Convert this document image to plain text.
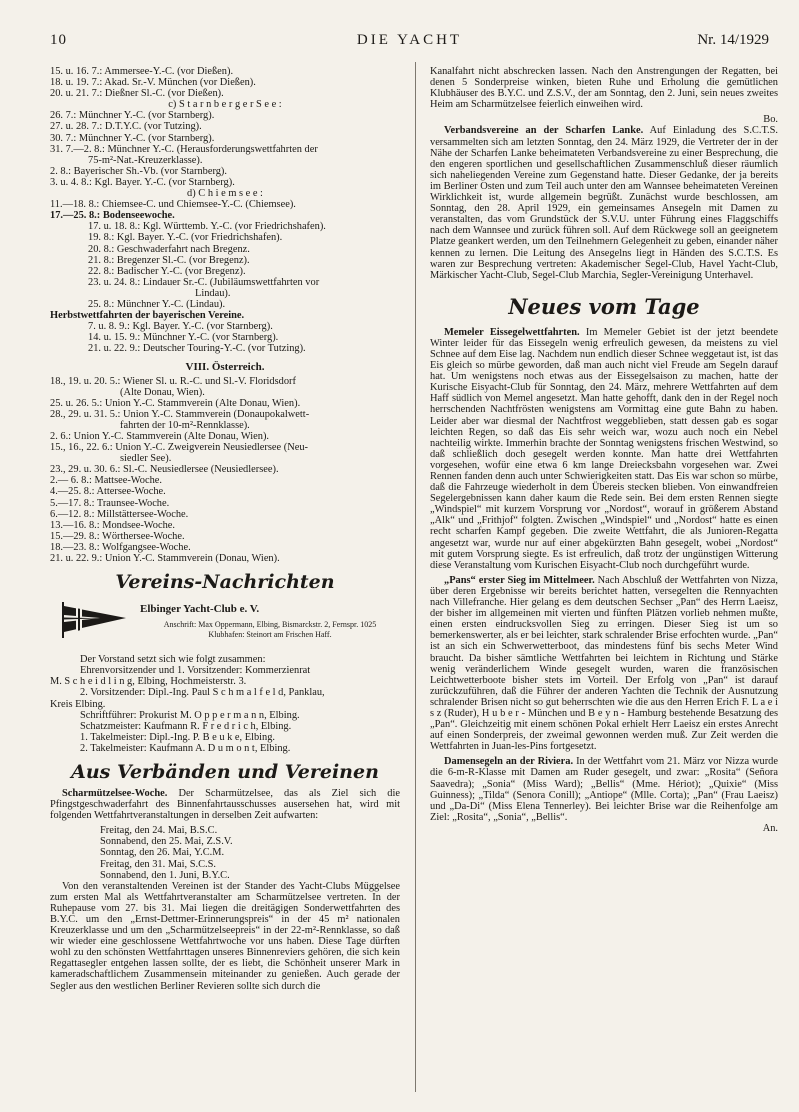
10	DIE YACHT	Nr. 14/1929
15. u. 16. 7.: Ammersee-Y.-C. (vor Dießen).
18. u. 19. 7.: Akad. Sr.-V. München (vor Dießen).
20. u. 21. 7.: Dießner Sl.-C. (vor Dießen).
c) S t a r n b e r g e r S e e :
26. 7.: Münchner Y.-C. (vor Starnberg).
27. u. 28. 7.: D.T.Y.C. (vor Tutzing).
30. 7.: Münchner Y.-C. (vor Starnberg).
31. 7.—2. 8.: Münchner Y.-C. (Herausforderungswettfahrten der
75-m²-Nat.-Kreuzerklasse).
2. 8.: Bayerischer Sh.-Vb. (vor Starnberg).
3. u. 4. 8.: Kgl. Bayer. Y.-C. (vor Starnberg).
d) C h i e m s e e :
11.—18. 8.: Chiemsee-C. und Chiemsee-Y.-C. (Chiemsee).
17.—25. 8.: Bodenseewoche.
17. u. 18. 8.: Kgl. Württemb. Y.-C. (vor Friedrichshafen).
19. 8.: Kgl. Bayer. Y.-C. (vor Friedrichshafen).
20. 8.: Geschwaderfahrt nach Bregenz.
21. 8.: Bregenzer Sl.-C. (vor Bregenz).
22. 8.: Badischer Y.-C. (vor Bregenz).
23. u. 24. 8.: Lindauer Sr.-C. (Jubiläumswettfahrten vor
Lindau).
25. 8.: Münchner Y.-C. (Lindau).
Herbstwettfahrten der bayerischen Vereine.
7. u. 8. 9.: Kgl. Bayer. Y.-C. (vor Starnberg).
14. u. 15. 9.: Münchner Y.-C. (vor Starnberg).
21. u. 22. 9.: Deutscher Touring-Y.-C. (vor Tutzing).
VIII. Österreich.
18., 19. u. 20. 5.: Wiener Sl. u. R.-C. und Sl.-V. Floridsdorf
(Alte Donau, Wien).
25. u. 26. 5.: Union Y.-C. Stammverein (Alte Donau, Wien).
28., 29. u. 31. 5.: Union Y.-C. Stammverein (Donaupokalwett-
fahrten der 10-m²-Rennklasse).
2. 6.: Union Y.-C. Stammverein (Alte Donau, Wien).
15., 16., 22. 6.: Union Y.-C. Zweigverein Neusiedlersee (Neu-
siedler See).
23., 29. u. 30. 6.: Sl.-C. Neusiedlersee (Neusiedlersee).
2.— 6. 8.: Mattsee-Woche.
4.—25. 8.: Attersee-Woche.
5.—17. 8.: Traunsee-Woche.
6.—12. 8.: Millstättersee-Woche.
13.—16. 8.: Mondsee-Woche.
15.—29. 8.: Wörthersee-Woche.
18.—23. 8.: Wolfgangsee-Woche.
21. u. 22. 9.: Union Y.-C. Stammverein (Donau, Wien).
Vereins-Nachrichten
Elbinger Yacht-Club e. V.
Anschrift: Max Oppermann, Elbing, Bismarckstr. 2, Fernspr. 1025
Klubhafen: Steinort am Frischen Haff.
Der Vorstand setzt sich wie folgt zusammen:
Ehrenvorsitzender und 1. Vorsitzender: Kommerzienrat
M. S c h e i d l i n g, Elbing, Hochmeisterstr. 3.
2. Vorsitzender: Dipl.-Ing. Paul S c h m a l f e l d, Panklau,
Kreis Elbing.
Schriftführer: Prokurist M. O p p e r m a n n, Elbing.
Schatzmeister: Kaufmann R. F r e d r i c h, Elbing.
1. Takelmeister: Dipl.-Ing. P. B e u k e, Elbing.
2. Takelmeister: Kaufmann A. D u m o n t, Elbing.
Aus Verbänden und Vereinen

Scharmützelsee-Woche. Der Scharmützelsee, das als Ziel sich die Pfingstgeschwaderfahrt des Binnenfahrtausschusses ausersehen hat, wird mit folgenden Wettfahrtveranstaltungen in derselben Zeit aufwarten:

Freitag, den 24. Mai, B.S.C.
Sonnabend, den 25. Mai, Z.S.V.
Sonntag, den 26. Mai, Y.C.M.
Freitag, den 31. Mai, S.C.S.
Sonnabend, den 1. Juni, B.Y.C.

Von den veranstaltenden Vereinen ist der Stander des Yacht-Clubs Müggelsee zum ersten Mal als Wettfahrtveranstalter am Scharmützelsee vertreten. In der Ruhepause vom 27. bis 31. Mai liegen die dreitägigen Sonderwettfahrten des B.Y.C. um den „Ernst-Dettmer-Erinnerungspreis“ in der 45 m² nationalen Kreuzerklasse und um den „Scharmützelseepreis“ in der 22-m²-Rennklasse, so daß wir wieder eine geschlossene Wettfahrtwoche vor uns haben. Diese Tage dürften wohl zu den schönsten Wettfahrttagen unseres Binnenreviers gehören, die sich kein Regattasegler entgehen lassen sollte, der es liebt, die Schönheit unserer Mark in kameradschaftlichem Zusammensein miteinander zu genießen. Auch gerade der Segler aus den westlichen Berliner Revieren sollte sich durch die

Kanalfahrt nicht abschrecken lassen. Nach den Anstrengungen der Regatten, bei denen 5 Sonderpreise winken, bieten Ruhe und Erholung die gemütlichen Klubhäuser des B.Y.C. und Z.S.V., der am Sonntag, den 2. Juni, sein neues zweites Heim am Scharmützelsee feierlich einweihen wird.

Bo.

Verbandsvereine an der Scharfen Lanke. Auf Einladung des S.C.T.S. versammelten sich am letzten Sonntag, den 24. März 1929, die Vertreter der in der Nähe der Scharfen Lanke beheimateten Verbandsvereine zu einer Besprechung, die den engeren sportlichen und gesellschaftlichen Zusammenschluß dieser räumlich sich naheliegenden Vereine zum Gegenstand hatte. Dieser Gedanke, der ja bereits im Berliner Osten und zum Teil auch unter den am Wannsee beheimateten Vereinen Wirklichkeit ist, wurde allgemein begrüßt. Zunächst wurde beschlossen, am Sonntag, den 28. April 1929, ein gemeinsames Ansegeln mit Damen zu veranstalten, das vom Grundstück der S.V.U. unter Führung eines Flaggschiffs nach dem Wannsee und zurück führen soll. Auf dem Rückwege soll an geeignetem Platze geankert werden, um den Teilnehmern Gelegenheit zu geben, einander näher kennen zu lernen. Die Leitung des Ansegelns liegt in Händen des S.C.T.S. Es waren zur Besprechung vertreten: Akademischer Segel-Club, Havel Yacht-Club, Märkischer Yacht-Club, Segel-Club Marchia, Segler-Vereinigung Unterhavel.

Neues vom Tage

Memeler Eissegelwettfahrten. Im Memeler Gebiet ist der jetzt beendete Winter leider für das Eissegeln wenig erfreulich gewesen, da meistens zu viel Schnee auf dem Eise lag. Nachdem nun endlich dieser Schnee weggetaut ist, ist das Eis gleich so mürbe geworden, daß man auch nicht viel Freude am Segeln darauf hat. Um wenigstens noch etwas aus der Eissegelsaison zu machen, hatte der Kurische Eisyacht-Club für Sonntag, den 24. März, mehrere Wettfahrten auf dem Haff südlich von Memel angesetzt. Man hatte gehofft, dank den in der Regel noch herrschenden Nachtfrösten wenigstens am Vormittag eine gute Bahn zu haben. Leider aber war diesmal der Nachtfrost weggeblieben, statt dessen gab es sogar leichten Regen, so daß das Eis sehr weich war, wozu auch noch ein Nebel nachteilig wirkte. Immerhin brachte der Sonntag wenigstens frischen Westwind, so daß schließlich doch gesegelt werden konnte. Man hatte drei Wettfahrten vorgesehen, wofür eine etwa 6 km lange Dreiecksbahn vorgesehen war. Zwei Rennen fanden denn auch unter Schwierigkeiten statt. Das Eis war schon so mürbe, daß die Fahrzeuge wiederholt in dem Übereis stecken blieben. Von einwandfreien Segelergebnissen kann daher kaum die Rede sein. Bei dem ersten Rennen siegte „Windspiel“ mit kurzem Vorsprung vor „Nordost“, worauf in größerem Abstand „Alk“ und „Frithjof“ folgten. Zwischen „Windspiel“ und „Nordost“ hatte es einen recht scharfen Kampf gegeben. Die zweite Wettfahrt, die als Junioren-Regatta angesetzt war, wurde nur auf einer abgekürzten Bahn gesegelt, wobei „Nordost“ mit gutem Vorsprung siegte. Es ist erfreulich, daß trotz der ungünstigen Witterung diese Veranstaltung vom Kurischen Eisyacht-Club noch durchgeführt wurde.

„Pans“ erster Sieg im Mittelmeer. Nach Abschluß der Wettfahrten von Nizza, über deren Ergebnisse wir bereits berichtet hatten, versegelten die Rennyachten nach Villefranche. Hier gelang es dem deutschen Sechser „Pan“ des Herrn Laeisz, der bisher im allgemeinen mit vierten und fünften Plätzen vorlieb nehmen mußte, einen ersten eindrucksvollen Sieg zu erringen. Dieser Sieg ist um so bemerkenswerter, als er bei leichter, stark schralender Brise erfochten wurde. „Pan“ ist an sich ein Schwerwetterboot, das mindestens fünf bis sechs Meter Wind braucht. Da bisher sämtliche Wettfahrten bei leichtem in Richtung und Stärke wenig veränderlichem Winde gesegelt wurden, waren die französischen Leichtwetterboote bisher stets im Vorteil. Der Erfolg von „Pan“ ist darauf zurückzuführen, daß die Führer der anderen Yachten die Technik der Ausnutzung schralender Brisen nicht so gut beherrschten wie die aus den Herren Erich F. L a e i s z (Ruder), H u b e r - München und B e y n - Hamburg bestehende Besatzung des „Pan“. Gleichzeitig mit einem schönen Pokal erhielt Herr Laeisz ein erstes Anrecht auf einen Sonderpreis, der zweimal gewonnen werden muß. Zur Zeit werden die Wettfahrten in Juan-les-Pins fortgesetzt.

Damensegeln an der Riviera. In der Wettfahrt vom 21. März vor Nizza wurde die 6-m-R-Klasse mit Damen am Ruder gesegelt, und zwar: „Rosita“ (Señora Saavedra); „Sonia“ (Miss Ward); „Bellis“ (Mme. Hériot); „Quixie“ (Miss Guinness); „Tilda“ (Senora Conill); „Antiope“ (Mlle. Corta); „Pan“ (Frau Laeisz) und „Da-Di“ (Miss Elena Tennerley). Bei leichter Brise war die Reihenfolge am Ziel: „Rosita“, „Sonia“, „Bellis“.

An.
